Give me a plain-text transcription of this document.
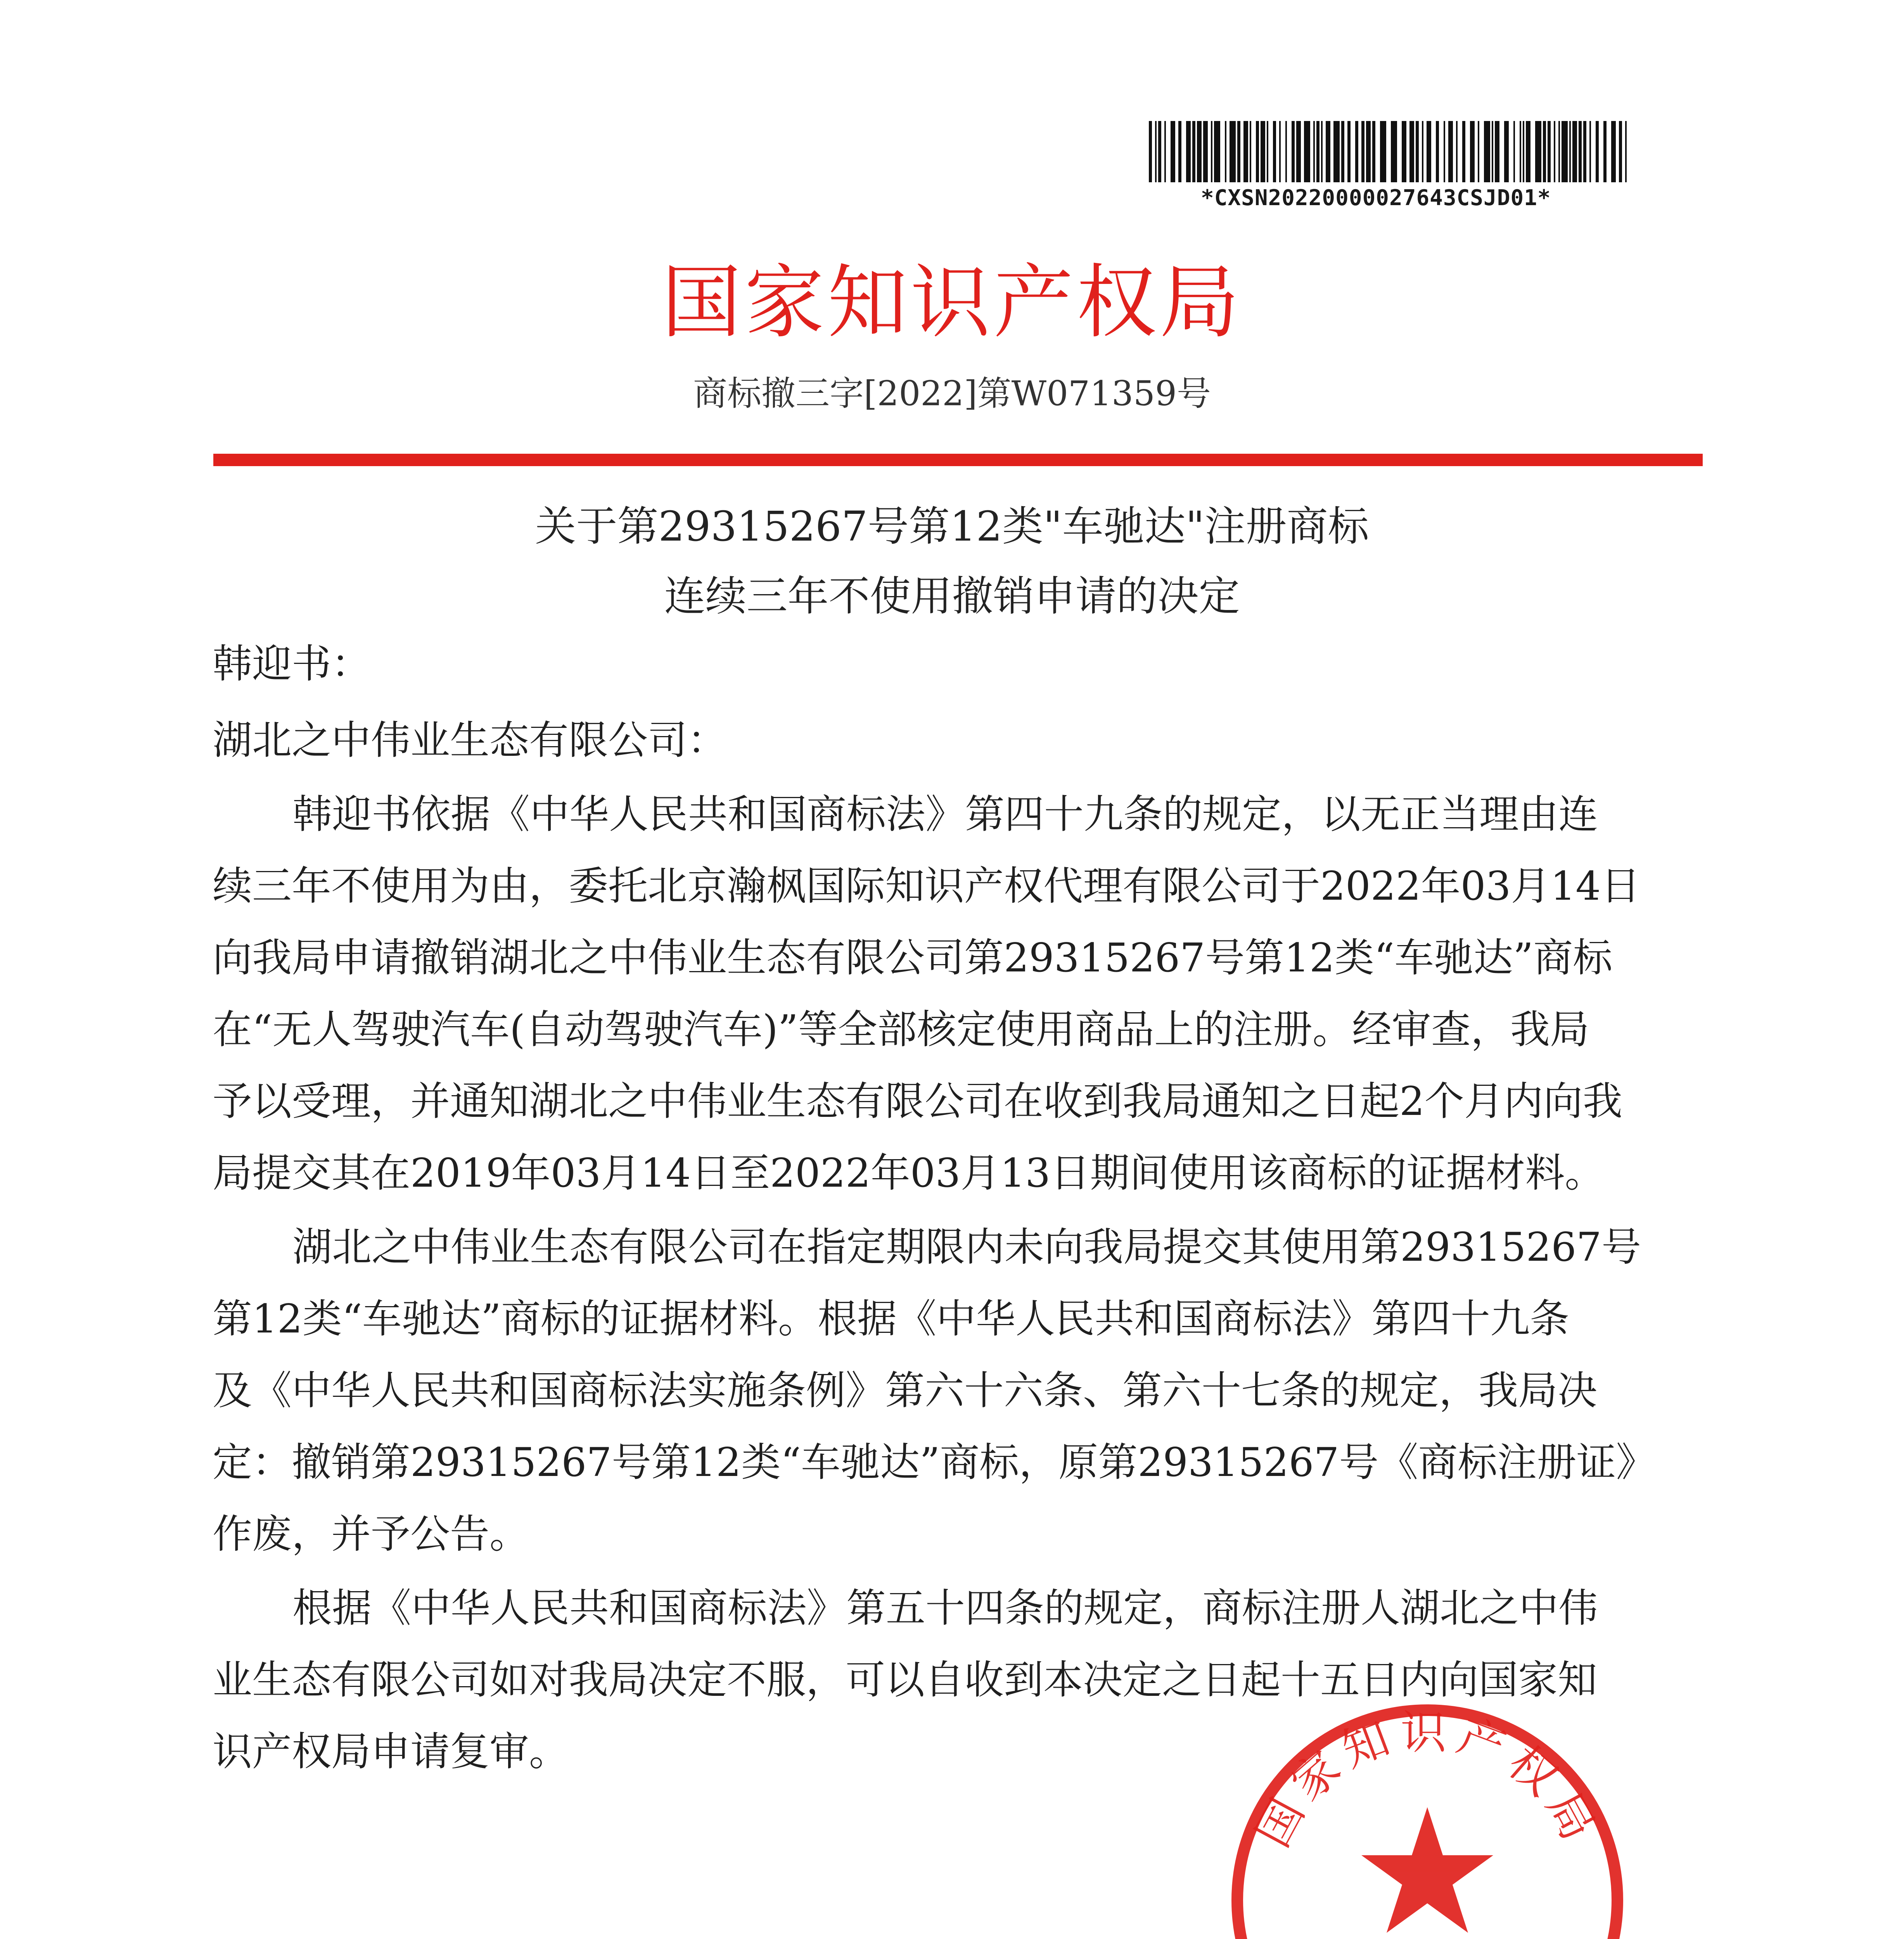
*CXSN20220000027643CSJD01*
国家知识产权局
商标撤三字[2022]第W071359号
关于第29315267号第12类"车驰达"注册商标
连续三年不使用撤销申请的决定

韩迎书：

湖北之中伟业生态有限公司：

韩迎书依据《中华人民共和国商标法》第四十九条的规定，以无正当理由连

续三年不使用为由，委托北京瀚枫国际知识产权代理有限公司于2022年03月14日

向我局申请撤销湖北之中伟业生态有限公司第29315267号第12类“车驰达”商标

在“无人驾驶汽车(自动驾驶汽车)”等全部核定使用商品上的注册。经审查，我局

予以受理，并通知湖北之中伟业生态有限公司在收到我局通知之日起2个月内向我

局提交其在2019年03月14日至2022年03月13日期间使用该商标的证据材料。

湖北之中伟业生态有限公司在指定期限内未向我局提交其使用第29315267号

第12类“车驰达”商标的证据材料。根据《中华人民共和国商标法》第四十九条

及《中华人民共和国商标法实施条例》第六十六条、第六十七条的规定，我局决

定：撤销第29315267号第12类“车驰达”商标，原第29315267号《商标注册证》

作废，并予公告。

根据《中华人民共和国商标法》第五十四条的规定，商标注册人湖北之中伟

业生态有限公司如对我局决定不服，可以自收到本决定之日起十五日内向国家知

识产权局申请复审。

国家知识产权局
